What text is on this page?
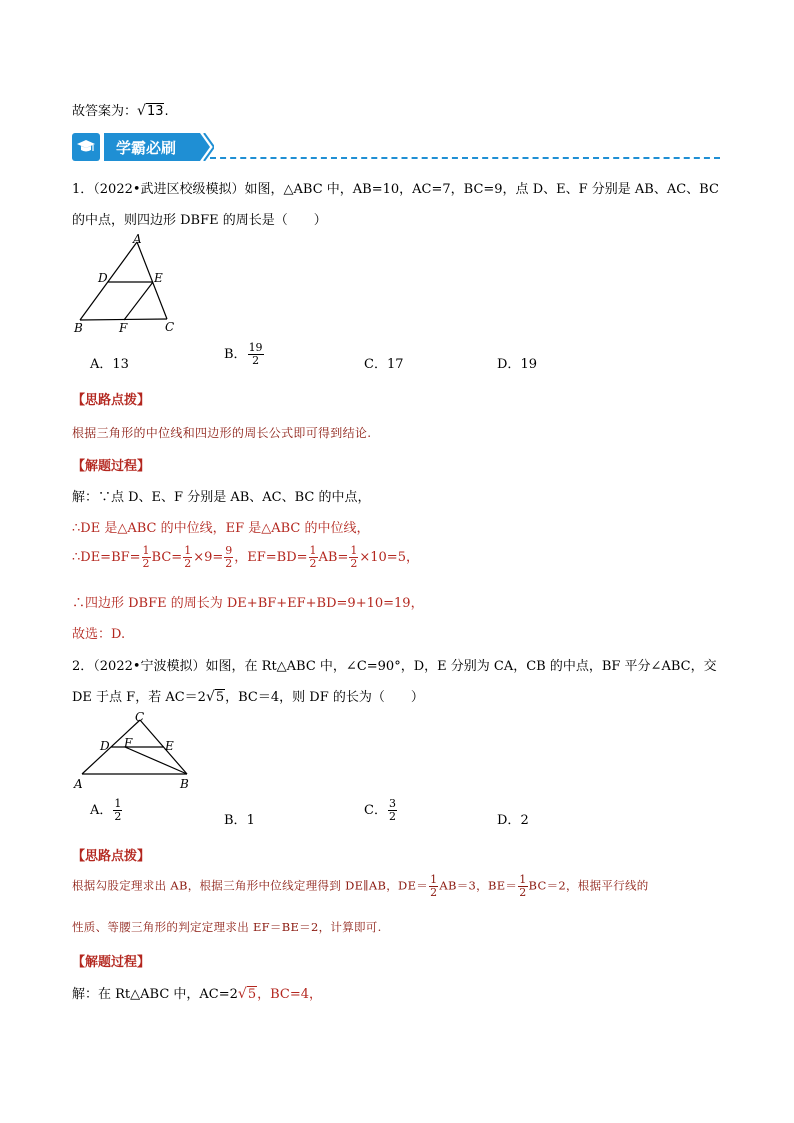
故答案为：√13.
学霸必刷
1．（2022•武进区校级模拟）如图，△ABC 中，AB=10，AC=7，BC=9，点 D、E、F 分别是 AB、AC、BC
的中点，则四边形 DBFE 的周长是（　　）
A
D	E
B	F	C
A．13
B． $\frac{19}{2}$	C．17	D．19
【思路点拨】
根据三角形的中位线和四边形的周长公式即可得到结论.
【解题过程】
解：∵点 D、E、F 分别是 AB、AC、BC 的中点，
∴DE 是△ABC 的中位线，EF 是△ABC 的中位线，
∴DE=BF= $\frac{1}{2} BC= \frac{1}{2} \times 9= \frac{9}{2}$ ，$EF=BD= \frac{1}{2} AB= \frac{1}{2} \times 10=5$，
∴四边形 DBFE 的周长为 DE+BF+EF+BD=9+10=19，
故选：D.
2．（2022•宁波模拟）如图，在 Rt△ABC 中，∠C=90°，D，E 分别为 CA，CB 的中点，BF 平分∠ABC，交
DE 于点 F，若 AC＝2√5，BC＝4，则 DF 的长为（　　）
C
D F	E
A	B
A． $\frac{1}{2}$	B．1
C． $\frac{3}{2}$	D．2
【思路点拨】
根据勾股定理求出 AB，根据三角形中位线定理得到 DE∥AB，$DE= \frac{1}{2} AB=3$，$BE= \frac{1}{2} BC=2$，根据平行线的
性质、等腰三角形的判定定理求出 EF＝BE＝2，计算即可.
【解题过程】
解：在 Rt△ABC 中，AC=2√5，BC=4，
